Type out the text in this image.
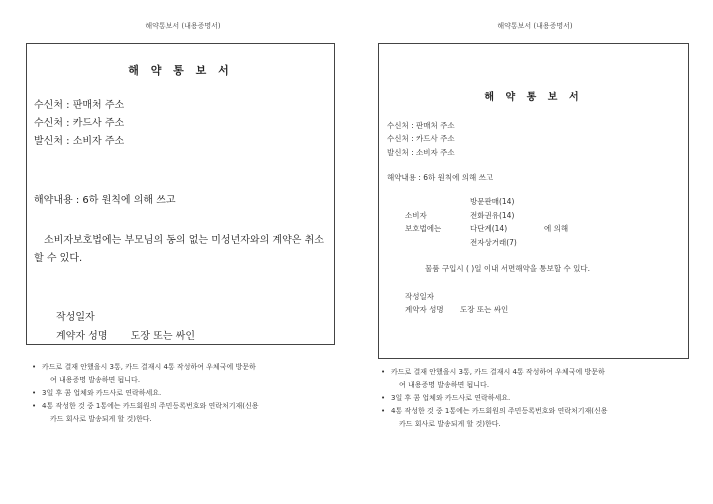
해약통보서 (내용증명서)
해 약 통 보 서
수신처 : 판매처 주소
수신처 : 카드사 주소
발신처 : 소비자 주소
해약내용 : 6하 원칙에 의해 쓰고
소비자보호법에는 부모님의 동의 없는 미성년자와의 계약은 취소할 수 있다.
작성일자
계약자 성명 도장 또는 싸인
• 카드로 결재 안했을시 3통, 카드 결재시 4통 작성하여 우체국에 방문하
여 내용증명 발송하면 됩니다.
• 3일 후 콤 업체와 카드사로 연락하세요.
• 4통 작성한 것 중 1통에는 카드회원의 주민등록번호와 연락처기재(신용
카드 회사로 발송되게 할 것)한다.
해약통보서 (내용증명서)
해 약 통 보 서
수신처 : 판매처 주소
수신처 : 카드사 주소
발신처 : 소비자 주소
해약내용 : 6하 원칙에 의해 쓰고
소비자
보호법에는
방문판매(14)
전화권유(14)
다단계(14)
전자상거래(7)
에 의해
물품 구입시 ( )일 이내 서면해약을 통보할 수 있다.
작성일자
계약자 성명 도장 또는 싸인
• 카드로 결재 안했을시 3통, 카드 결재시 4통 작성하여 우체국에 방문하
여 내용증명 발송하면 됩니다.
• 3일 후 콤 업체와 카드사로 연락하세요.
• 4통 작성한 것 중 1통에는 카드회원의 주민등록번호와 연락처기재(신용
카드 회사로 발송되게 할 것)한다.
